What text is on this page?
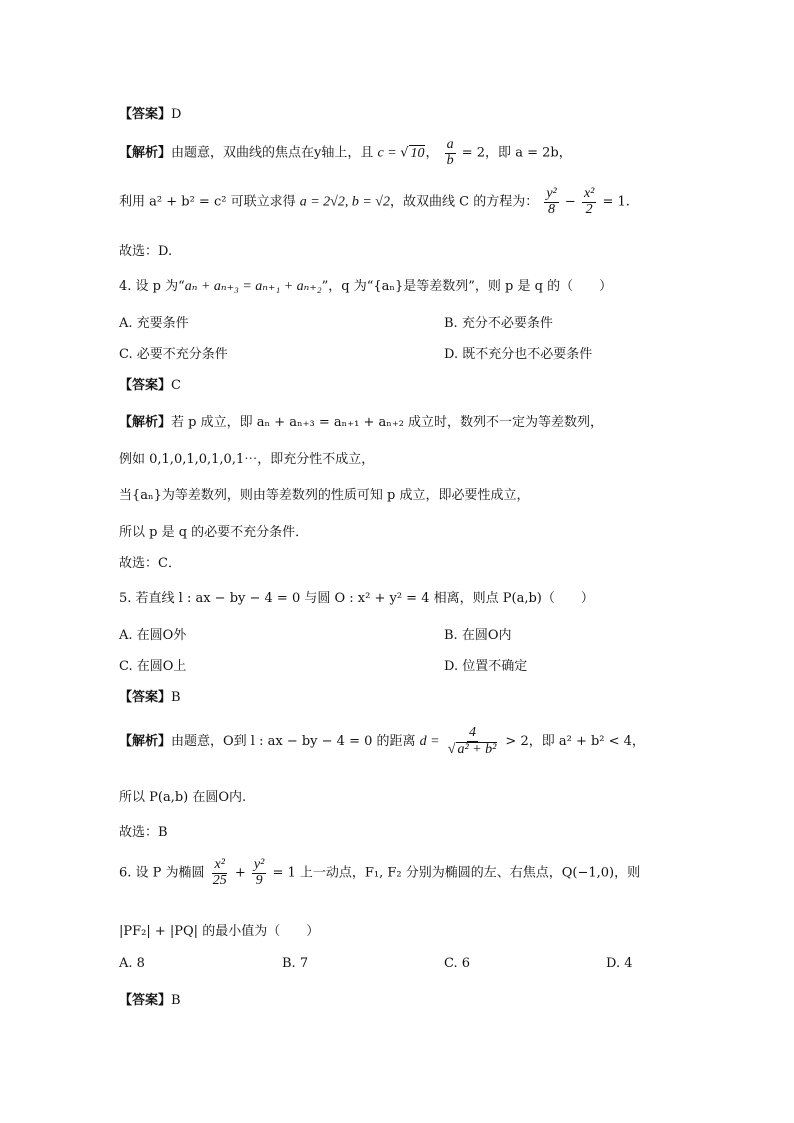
【答案】D
【解析】由题意，双曲线的焦点在y轴上，且 c = √ 10， $\frac{a}{b} = 2$，即 a = 2b，
利用 a² + b² = c² 可联立求得 a = 2√2, b = √2，故双曲线 C 的方程为： $\frac{\text{y²}}{8} - \frac{\text{x²}}{2} = 1$.
故选：D.
4. 设 p 为“aₙ + aₙ₊₃ = aₙ₊₁ + aₙ₊₂”，q 为“{aₙ}是等差数列”，则 p 是 q 的（　　）
A. 充要条件	B. 充分不必要条件
C. 必要不充分条件	D. 既不充分也不必要条件
【答案】C
【解析】若 p 成立，即 aₙ + aₙ₊₃ = aₙ₊₁ + aₙ₊₂ 成立时，数列不一定为等差数列，
例如 0,1,0,1,0,1,0,1⋯，即充分性不成立，
当{aₙ}为等差数列，则由等差数列的性质可知 p 成立，即必要性成立，
所以 p 是 q 的必要不充分条件．
故选：C．
5. 若直线 l : ax − by − 4 = 0 与圆 O : x² + y² = 4 相离，则点 P(a,b)（　　）
A. 在圆O外	B. 在圆O内
C. 在圆O上	D. 位置不确定
【答案】B
【解析】由题意，O到 l : ax − by − 4 = 0 的距离 $d = \frac{4}{\text{√ a² + b²}} > 2$，即 a² + b² < 4，
所以 P(a,b) 在圆O内.
故选：B
6. 设 P 为椭圆 $\frac{\text{x²}}{25} + \frac{\text{y²}}{9} = 1$ 上一动点，F₁, F₂ 分别为椭圆的左、右焦点，Q(−1,0)，则
|PF₂| + |PQ| 的最小值为（　　）
A. 8	B. 7	C. 6	D. 4
【答案】B
